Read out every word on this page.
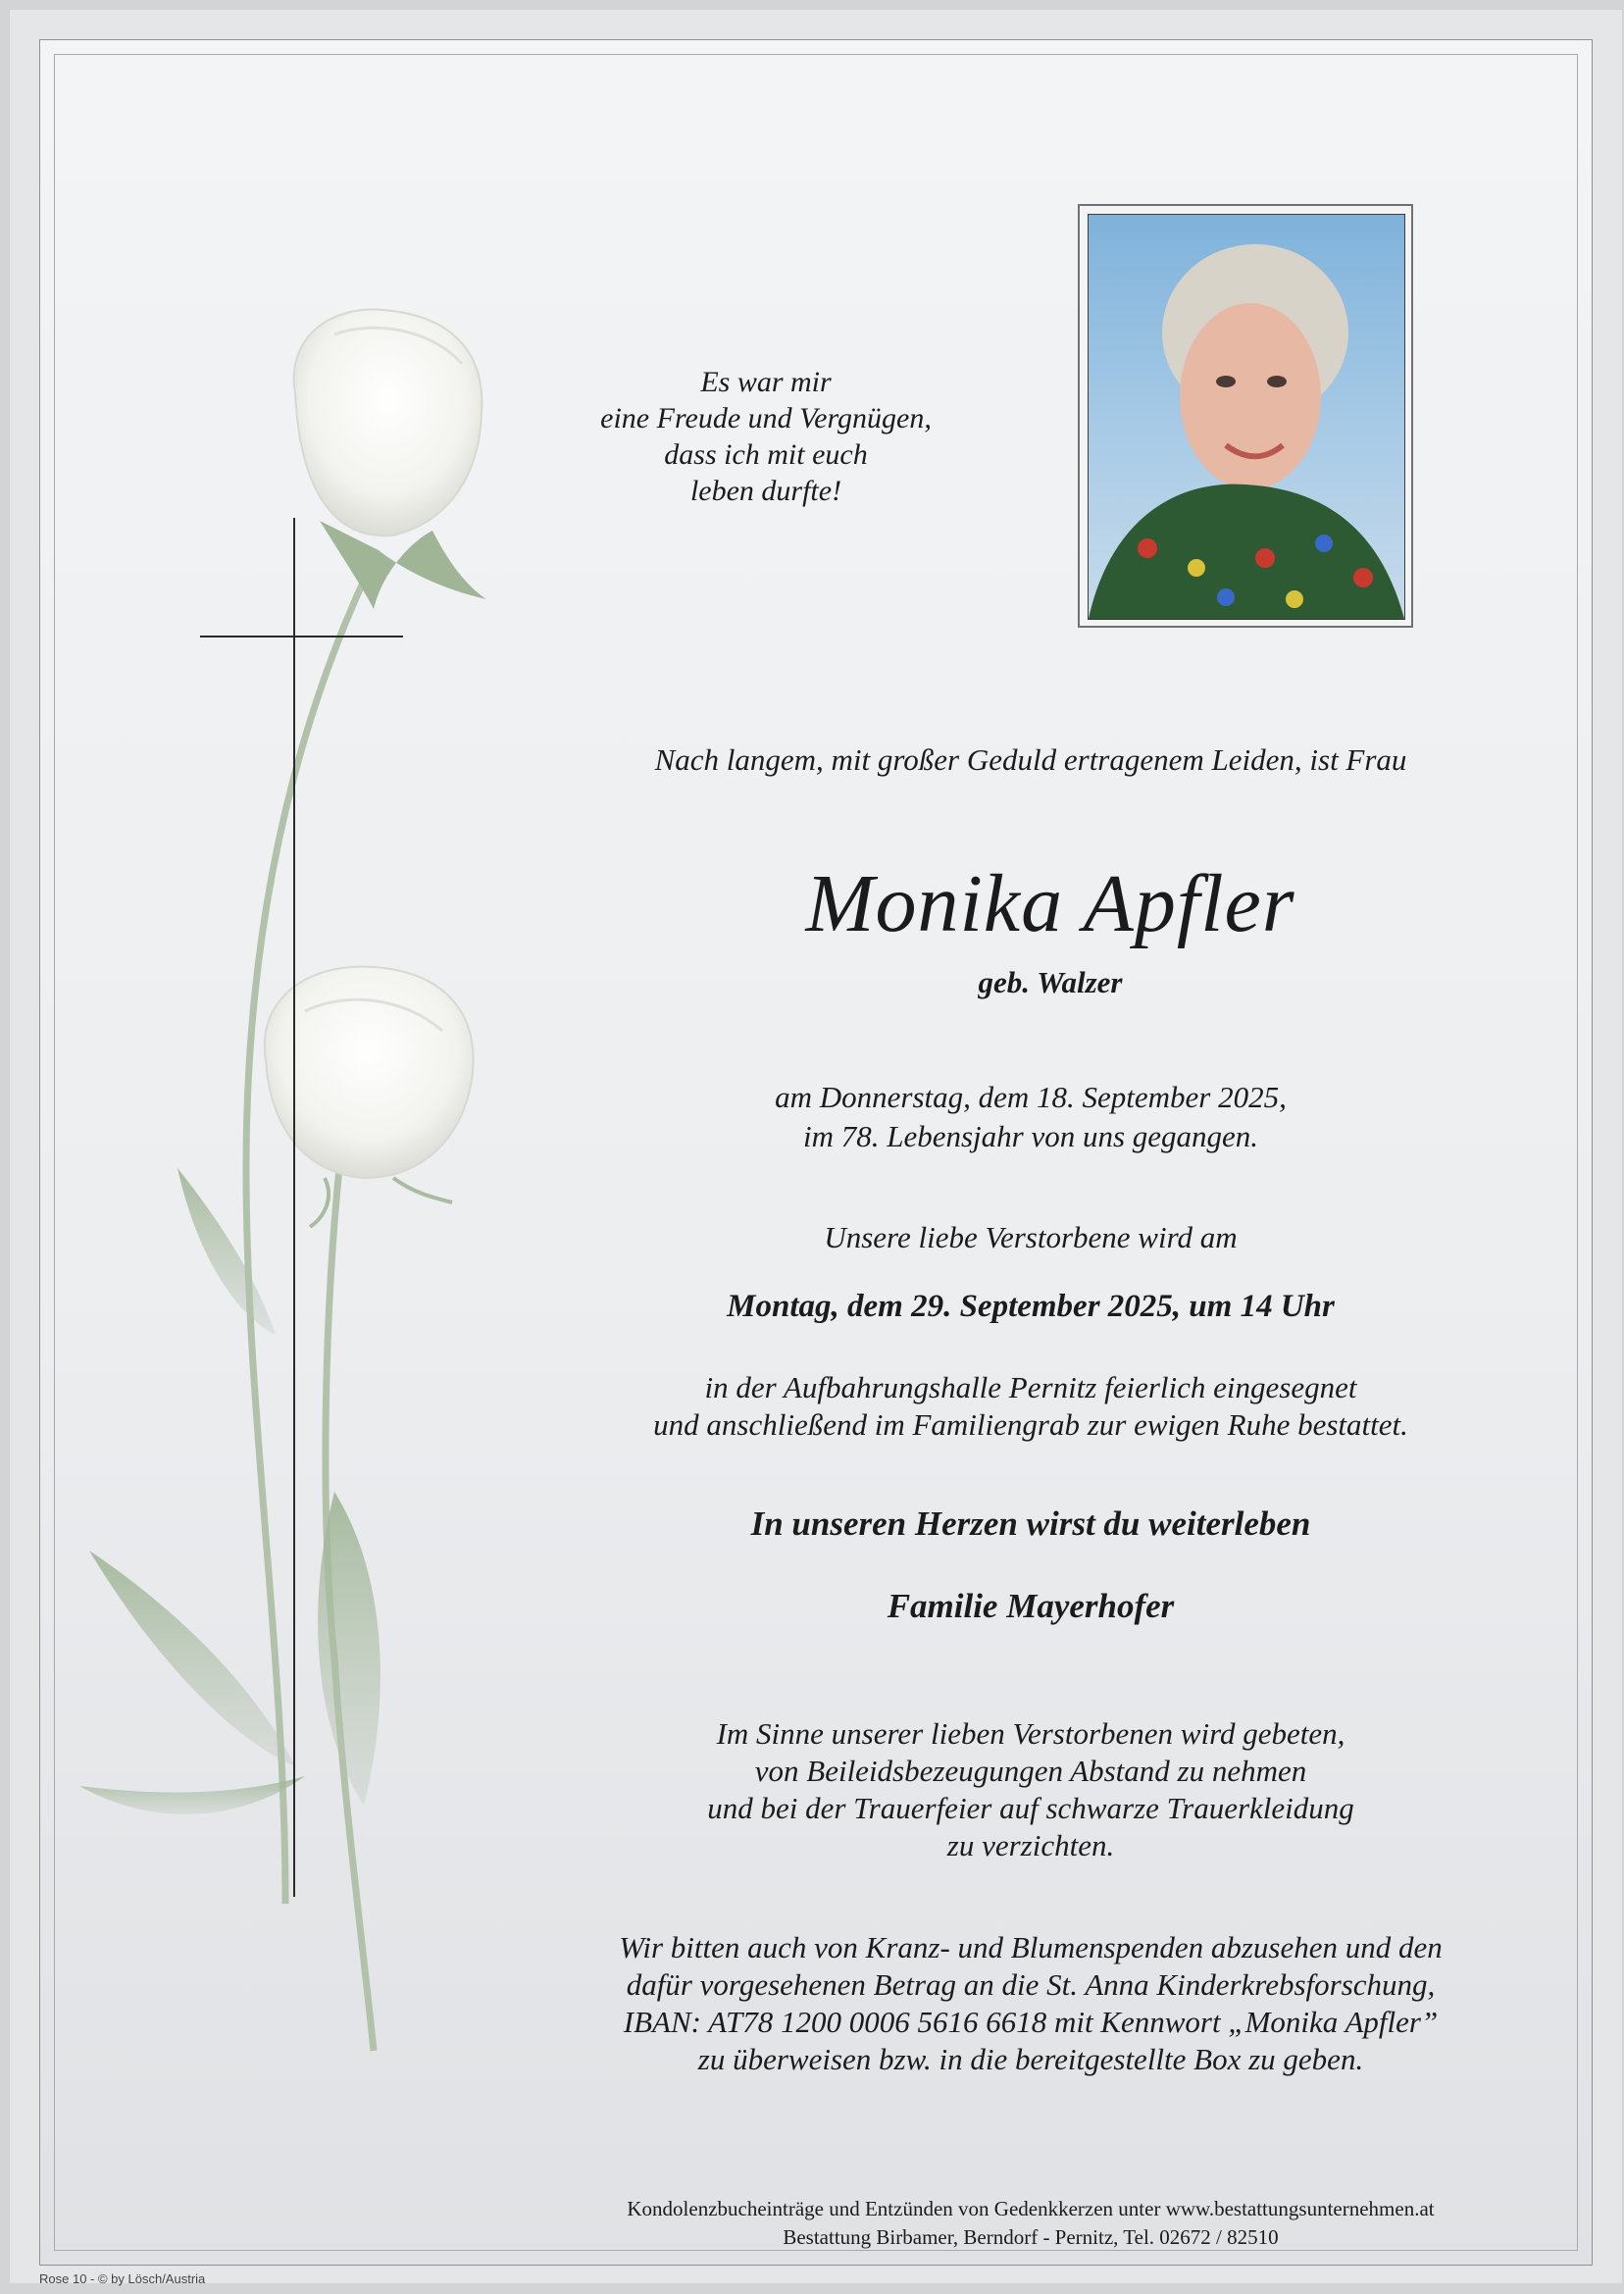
Es war mir
eine Freude und Vergnügen,
dass ich mit euch
leben durfte!
Nach langem, mit großer Geduld ertragenem Leiden, ist Frau
Monika Apfler
geb. Walzer
am Donnerstag, dem 18. September 2025,
im 78. Lebensjahr von uns gegangen.
Unsere liebe Verstorbene wird am
Montag, dem 29. September 2025, um 14 Uhr
in der Aufbahrungshalle Pernitz feierlich eingesegnet
und anschließend im Familiengrab zur ewigen Ruhe bestattet.
In unseren Herzen wirst du weiterleben
Familie Mayerhofer
Im Sinne unserer lieben Verstorbenen wird gebeten,
von Beileidsbezeugungen Abstand zu nehmen
und bei der Trauerfeier auf schwarze Trauerkleidung
zu verzichten.
Wir bitten auch von Kranz- und Blumenspenden abzusehen und den
dafür vorgesehenen Betrag an die St. Anna Kinderkrebsforschung,
IBAN: AT78 1200 0006 5616 6618 mit Kennwort „Monika Apfler”
zu überweisen bzw. in die bereitgestellte Box zu geben.
Kondolenzbucheinträge und Entzünden von Gedenkkerzen unter www.bestattungsunternehmen.at
Bestattung Birbamer, Berndorf - Pernitz, Tel. 02672 / 82510
Rose 10 - © by Lösch/Austria
